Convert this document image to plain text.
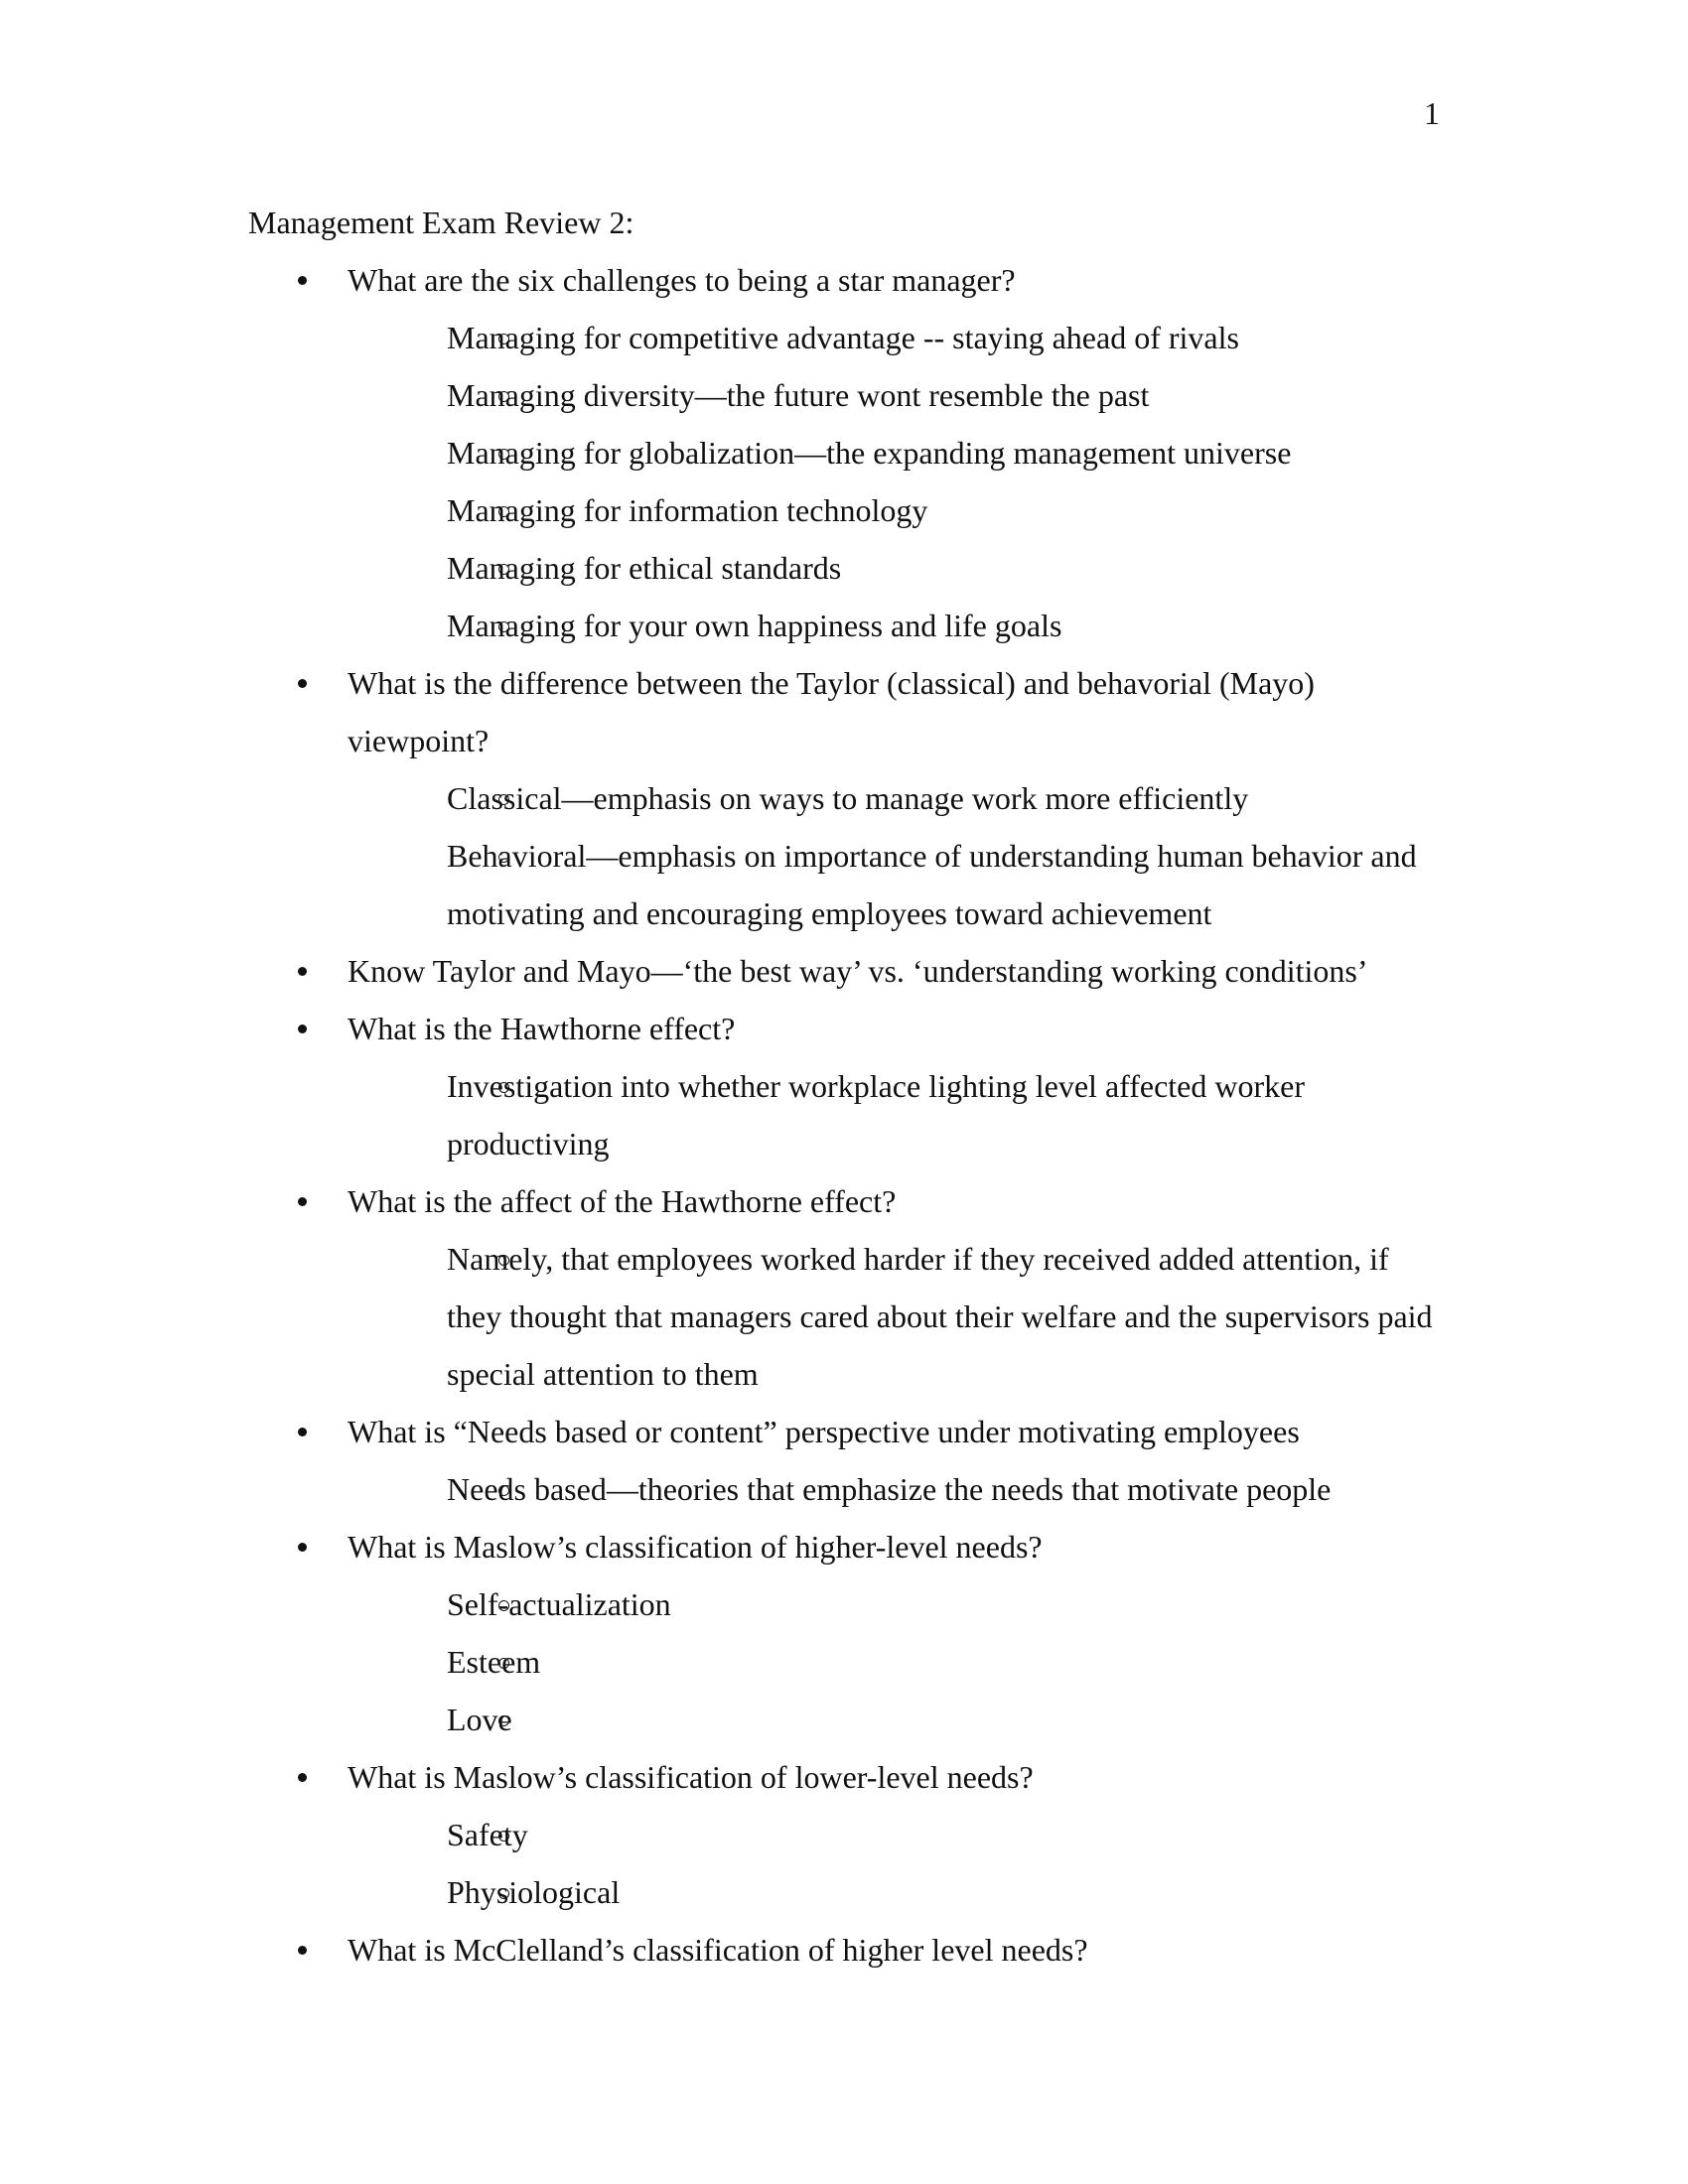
1
Management Exam Review 2:
What are the six challenges to being a star manager?
Managing for competitive advantage -- staying ahead of rivals
Managing diversity—the future wont resemble the past
Managing for globalization—the expanding management universe
Managing for information technology
Managing for ethical standards
Managing for your own happiness and life goals
What is the difference between the Taylor (classical) and behavorial (Mayo) viewpoint?
Classical—emphasis on ways to manage work more efficiently
Behavioral—emphasis on importance of understanding human behavior and motivating and encouraging employees toward achievement
Know Taylor and Mayo—‘the best way’ vs. ‘understanding working conditions’
What is the Hawthorne effect?
Investigation into whether workplace lighting level affected worker productiving
What is the affect of the Hawthorne effect?
Namely, that employees worked harder if they received added attention, if they thought that managers cared about their welfare and the supervisors paid special attention to them
What is “Needs based or content” perspective under motivating employees
Needs based—theories that emphasize the needs that motivate people
What is Maslow’s classification of higher-level needs?
Self-actualization
Esteem
Love
What is Maslow’s classification of lower-level needs?
Safety
Physiological
What is McClelland’s classification of higher level needs?
